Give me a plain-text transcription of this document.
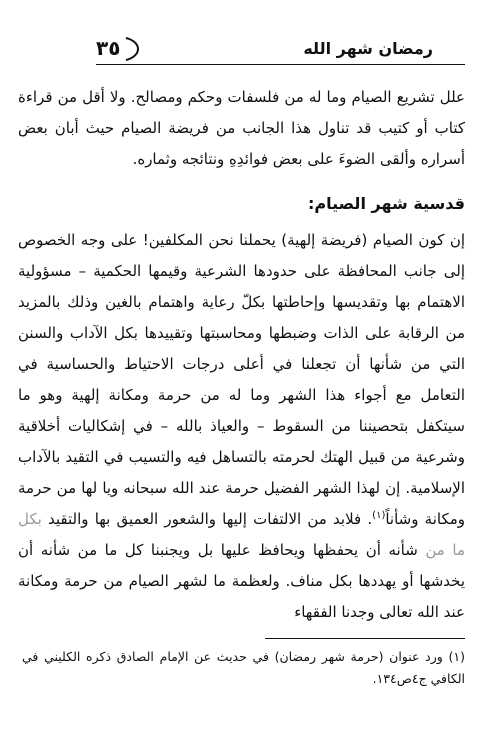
٣٥	رمضان شهر الله

علل تشريع الصيام وما له من فلسفات وحكم ومصالح. ولا أقل من قراءة كتاب أو كتيب قد تناول هذا الجانب من فريضة الصيام حيث أبان بعض أسراره وألقى الضوءَ على بعض فوائدِهِ ونتائجه وثماره.

قدسية شهر الصيام:

إن كون الصيام (فريضة إلهية) يحملنا نحن المكلفين! على وجه الخصوص إلى جانب المحافظة على حدودها الشرعية وقيمها الحكمية – مسؤولية الاهتمام بها وتقديسها وإحاطتها بكلّ رعاية واهتمام بالغين وذلك بالمزيد من الرقابة على الذات وضبطها ومحاسبتها وتقييدها بكل الآداب والسنن التي من شأنها أن تجعلنا في أعلى درجات الاحتياط والحساسية في التعامل مع أجواء هذا الشهر وما له من حرمة ومكانة إلهية وهو ما سيتكفل بتحصيننا من السقوط – والعياذ بالله – في إشكاليات أخلاقية وشرعية من قبيل الهتك لحرمته بالتساهل فيه والتسيب في التقيد بالآداب الإسلامية. إن لهذا الشهر الفضيل حرمة عند الله سبحانه ويا لها من حرمة ومكانة وشأناً$^{(١)}$. فلابد من الالتفات إليها والشعور العميق بها والتقيد بكل ما من شأنه أن يحفظها ويحافظ عليها بل ويجنبنا كل ما من شأنه أن يخدشها أو يهددها بكل مناف. ولعظمة ما لشهر الصيام من حرمة ومكانة عند الله تعالى وجدنا الفقهاء

(١) ورد عنوان (حرمة شهر رمضان) في حديث عن الإمام الصادق ذكره الكليني في الكافي ج٤ص١٣٤.
